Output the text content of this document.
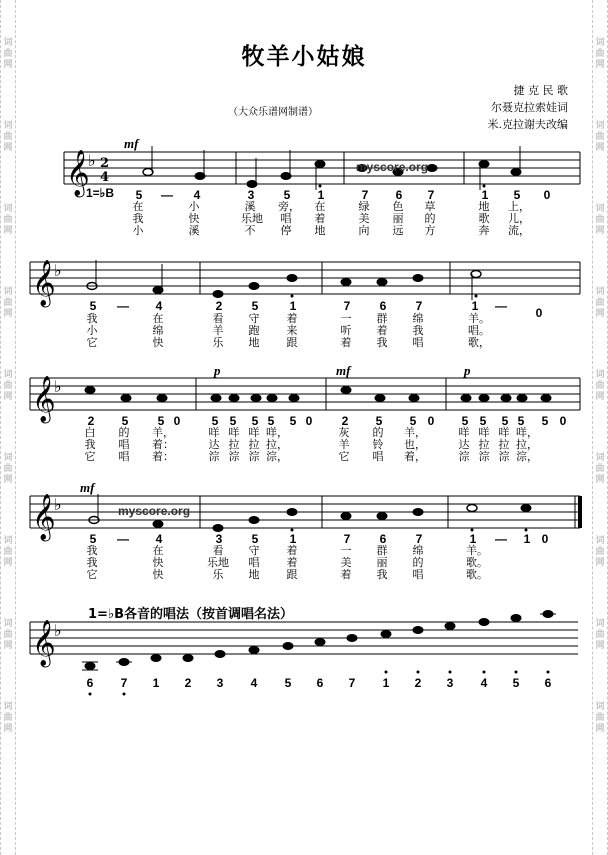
词
曲
网
词
曲
网
词
曲
网
词
曲
网
词
曲
网
词
曲
网
词
曲
网
词
曲
网
词
曲
网
词
曲
网
词
曲
网
词
曲
网
词
曲
网
词
曲
网
词
曲
网
词
曲
网
词
曲
网
词
曲
网
牧羊小姑娘
捷 克 民 歌
尔聂克拉索娃词
米.克拉谢夫改编
（大众乐谱网制谱）
𝄞
♭ 2
4
𝄞
♭
𝄞
♭
𝄞
♭
𝄞
♭
1=♭B
mf
p	mf	p
mf
myscore.org
myscore.org
5	—	4	3	5	1	7	6	7	1	5	0
在	小	溪 旁， 在	绿 色 草	地 上，
我	快	乐地 唱 着	美 丽 的	歌 儿，
小	溪	不 停 地	向 远 方	奔 流，
5	—	4	2	5	1	7	6	7	1	—	0
我	在	看 守 着	一 群 绵	羊。
小	绵	羊 跑 来	听 着 我	唱。
它	快	乐 地 跟	着 我 唱	歌，
2	5	5 0	5 5	5 5	5 0	2	5	5 0	5 5	5 5	5 0
白 的 羊，	咩 咩 咩 咩，	灰 的 羊，	咩 咩 咩 咩，
我 唱 着：	达 拉 拉 拉，	羊 铃 也，	达 拉 拉 拉，
它 唱 着：	淙 淙 淙 淙，	它 唱 着，	淙 淙 淙 淙，
5	—	4	3	5	1	7	6	7	1	—	1 0
我	在	看 守 着	一 群 绵	羊。
我	快	乐地 唱 着	美 丽 的	歌。
它	快	乐 地 跟	着 我 唱	歌。
1=♭B各音的唱法（按首调唱名法）
6	7	1	2	3	4	5	6	7	1	2	3	4	5	6
